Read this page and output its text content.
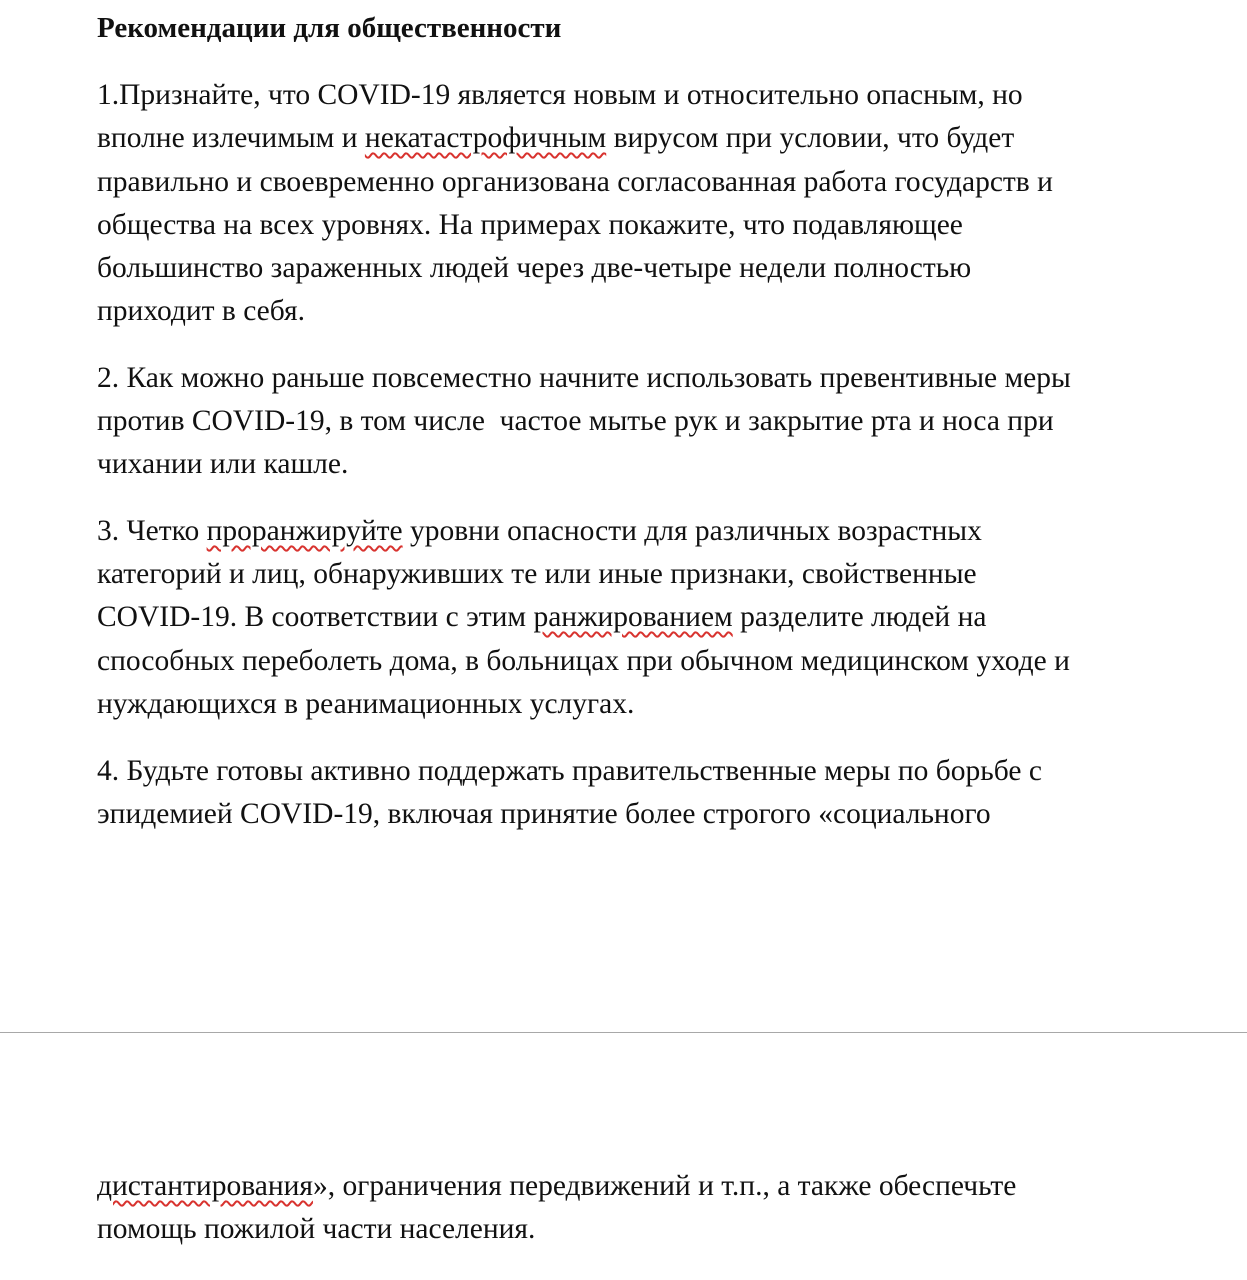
Рекомендации для общественности

1.Признайте, что COVID-19 является новым и относительно опасным, но

вполне излечимым и некатастрофичным вирусом при условии, что будет

правильно и своевременно организована согласованная работа государств и

общества на всех уровнях. На примерах покажите, что подавляющее

большинство зараженных людей через две-четыре недели полностью

приходит в себя.

2. Как можно раньше повсеместно начните использовать превентивные меры

против COVID-19, в том числе  частое мытье рук и закрытие рта и носа при

чихании или кашле.

3. Четко проранжируйте уровни опасности для различных возрастных

категорий и лиц, обнаруживших те или иные признаки, свойственные

COVID-19. В соответствии с этим ранжированием разделите людей на

способных переболеть дома, в больницах при обычном медицинском уходе и

нуждающихся в реанимационных услугах.

4. Будьте готовы активно поддержать правительственные меры по борьбе с

эпидемией COVID-19, включая принятие более строгого «социального

дистантирования», ограничения передвижений и т.п., а также обеспечьте

помощь пожилой части населения.
